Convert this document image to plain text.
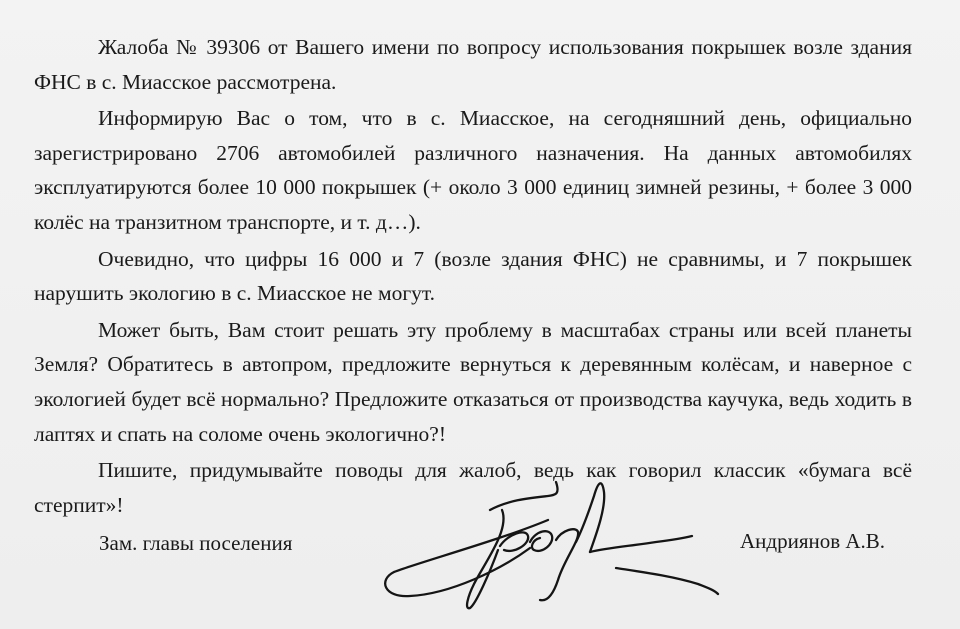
Жалоба № 39306 от Вашего имени по вопросу использования покрышек возле здания ФНС в с. Миасское рассмотрена.

Информирую Вас о том, что в с. Миасское, на сегодняшний день, официально зарегистрировано 2706 автомобилей различного назначения. На данных автомобилях эксплуатируются более 10 000 покрышек (+ около 3 000 единиц зимней резины, + более 3 000 колёс на транзитном транспорте, и т. д…).

Очевидно, что цифры 16 000 и 7 (возле здания ФНС) не сравнимы, и 7 покрышек нарушить экологию в с. Миасское не могут.

Может быть, Вам стоит решать эту проблему в масштабах страны или всей планеты Земля? Обратитесь в автопром, предложите вернуться к деревянным колёсам, и наверное с экологией будет всё нормально? Предложите отказаться от производства каучука, ведь ходить в лаптях и спать на соломе очень экологично?!

Пишите, придумывайте поводы для жалоб, ведь как говорил классик «бумага всё стерпит»!

Зам. главы поселения	Андриянов А.В.
